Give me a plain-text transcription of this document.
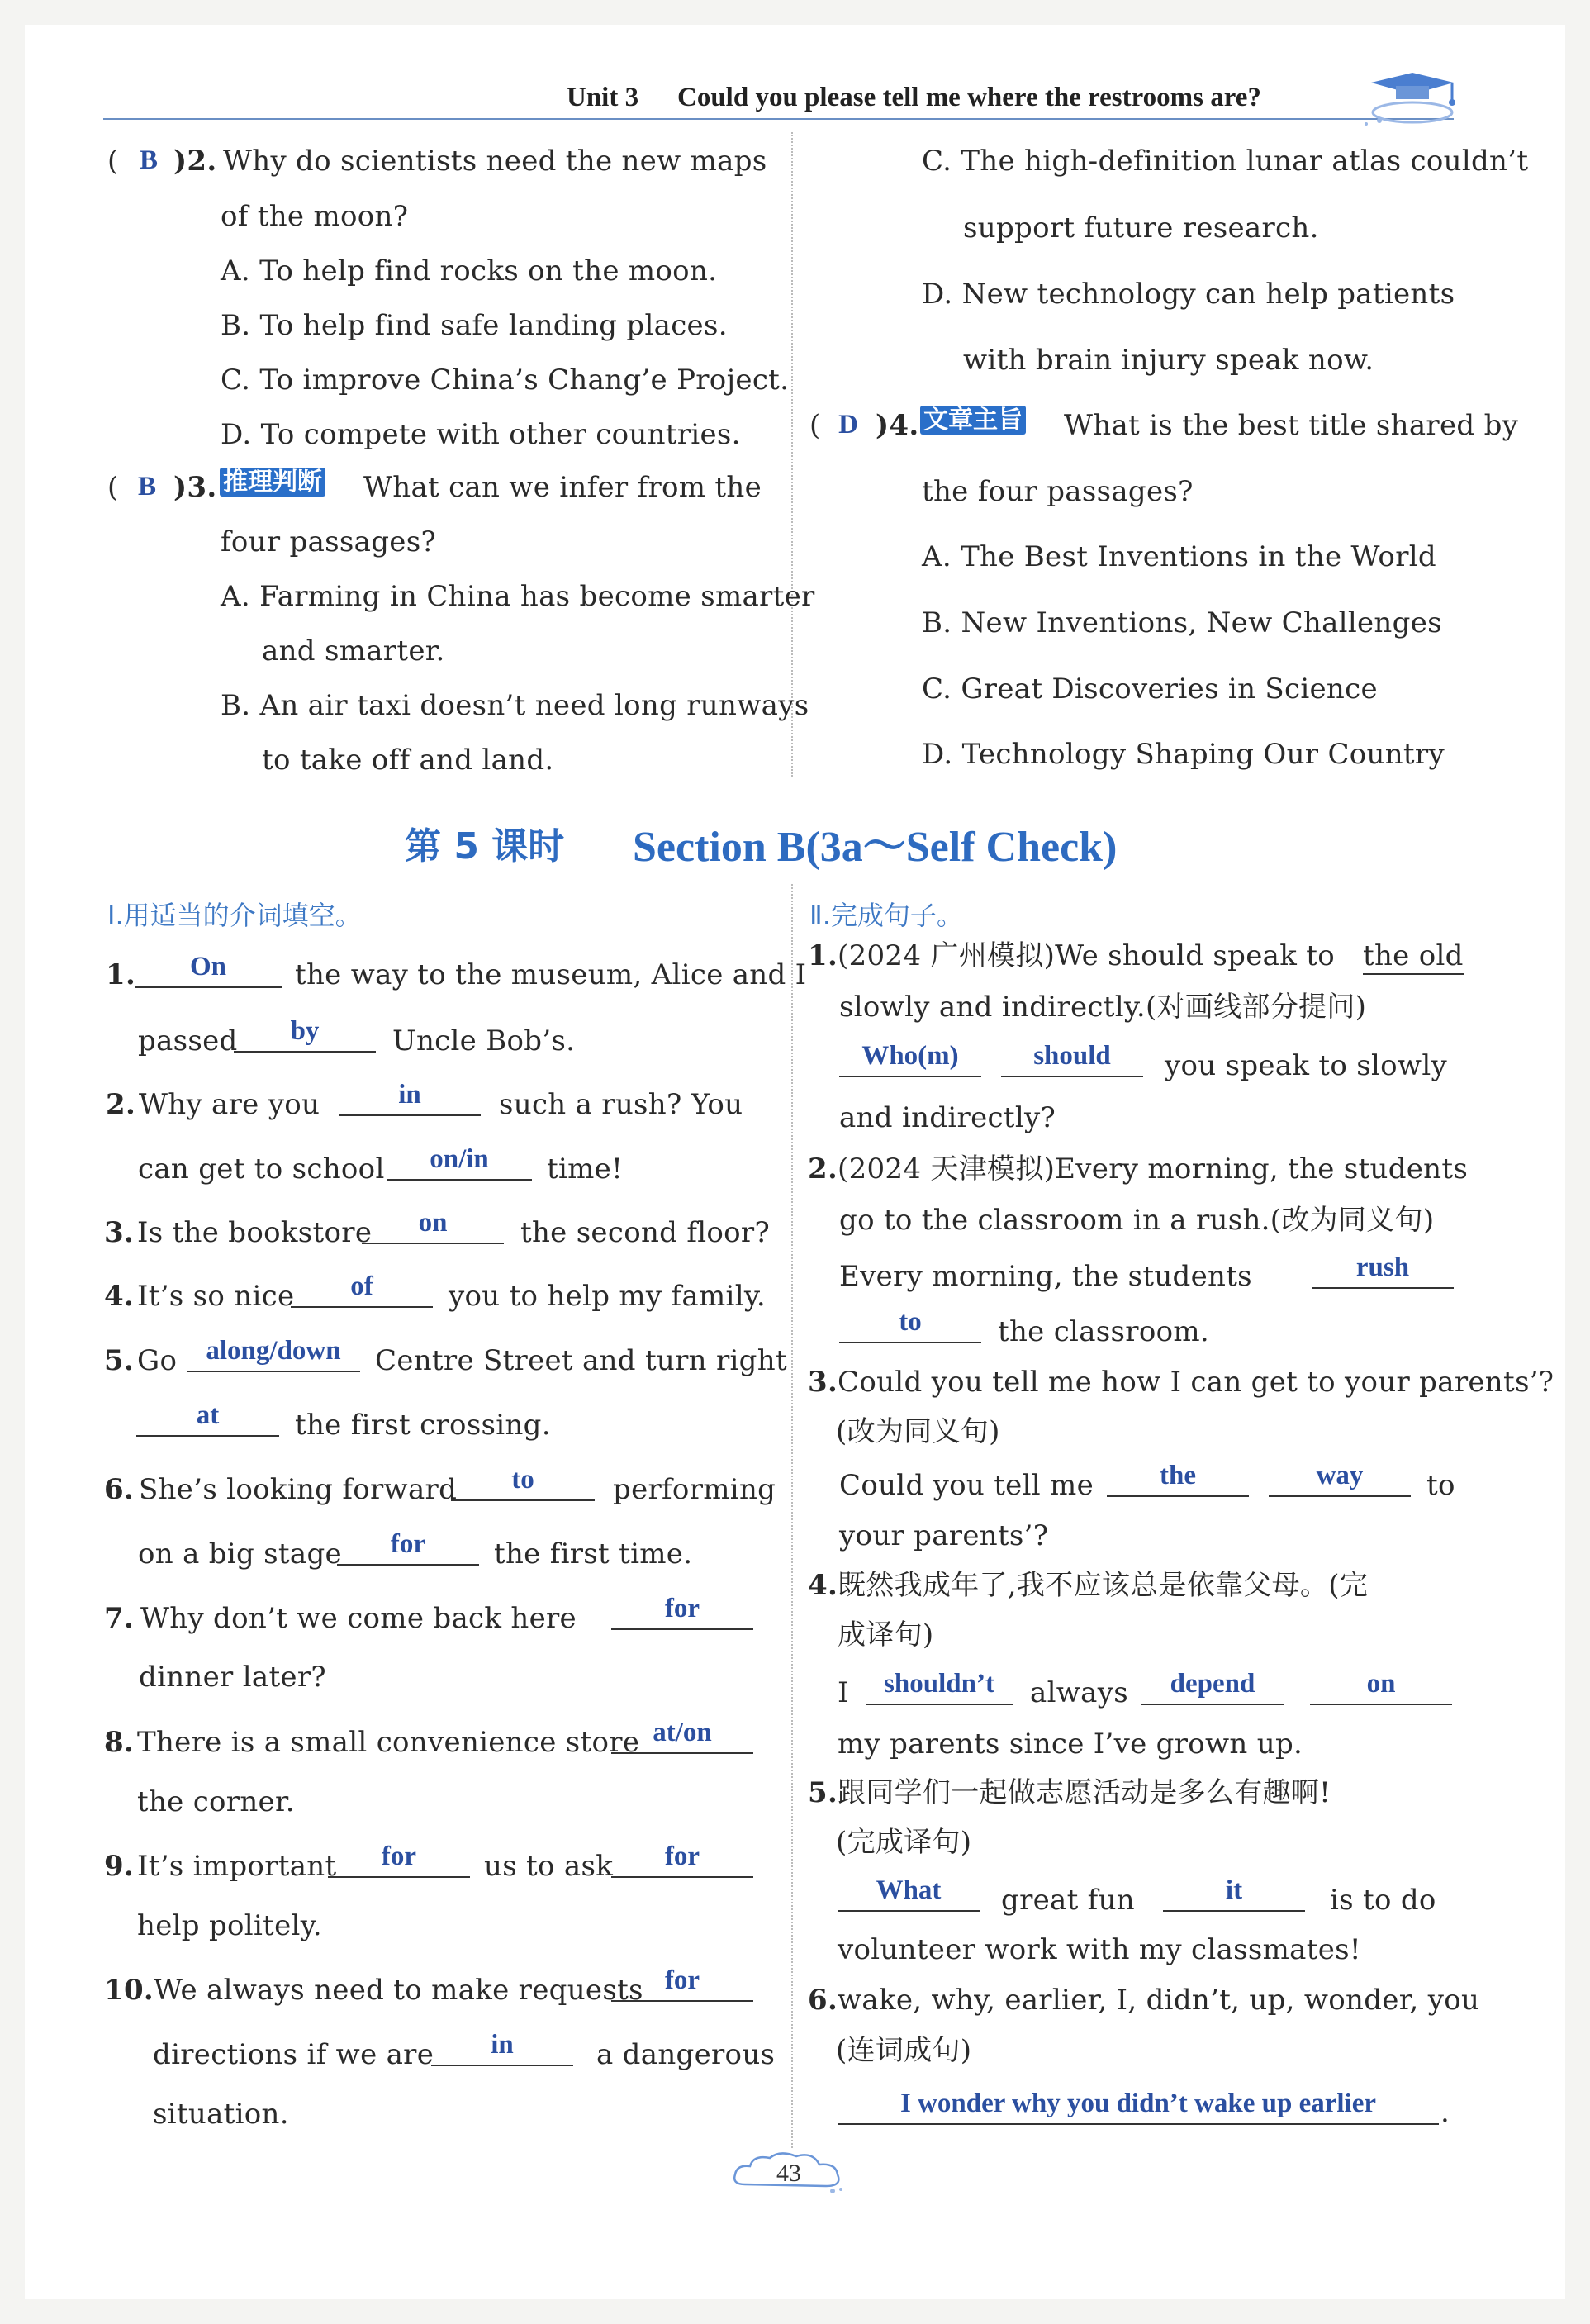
Unit 3 Could you please tell me where the restrooms are?
( B )2. Why do scientists need the new maps
of the moon?
A. To help find rocks on the moon.
B. To help find safe landing places.
C. To improve China’s Chang’e Project.
D. To compete with other countries.
( B )3. 推理判断 What can we infer from the
four passages?
A. Farming in China has become smarter
and smarter.
B. An air taxi doesn’t need long runways
to take off and land.
C. The high-definition lunar atlas couldn’t
support future research.
D. New technology can help patients
with brain injury speak now.
( D )4. 文章主旨 What is the best title shared by
the four passages?
A. The Best Inventions in the World
B. New Inventions, New Challenges
C. Great Discoveries in Science
D. Technology Shaping Our Country
第 5 课时 Section B(3a～Self Check)
Ⅰ.用适当的介词填空。
1.	On	the way to the museum, Alice and I
passed	by	Uncle Bob’s.
2. Why are you	in	such a rush? You
can get to school	on/in	time!
3. Is the bookstore	on	the second floor?
4. It’s so nice	of	you to help my family.
5. Go	along/down	Centre Street and turn right
at	the first crossing.
6. She’s looking forward	to	performing
on a big stage	for	the first time.
7. Why don’t we come back here	for
dinner later?
8. There is a small convenience store at/on
the corner.
9. It’s important	for	us to ask	for
help politely.
10. We always need to make requests for
directions if we are	in	a dangerous
situation.
Ⅱ.完成句子。
1. (2024 广州模拟)We should speak to the old
slowly and indirectly.(对画线部分提问)
Who(m)	should	you speak to slowly
and indirectly?
2. (2024 天津模拟)Every morning, the students
go to the classroom in a rush.(改为同义句)
Every morning, the students	rush
to	the classroom.
3. Could you tell me how I can get to your parents’?
(改为同义句)
Could you tell me	the	way	to
your parents’?
4. 既然我成年了,我不应该总是依靠父母。(完
成译句)
I	shouldn’t	always	depend	on
my parents since I’ve grown up.
5. 跟同学们一起做志愿活动是多么有趣啊!
(完成译句)
What	great fun	it	is to do
volunteer work with my classmates!
6. wake, why, earlier, I, didn’t, up, wonder, you
(连词成句)
I wonder why you didn’t wake up earlier	.
43
